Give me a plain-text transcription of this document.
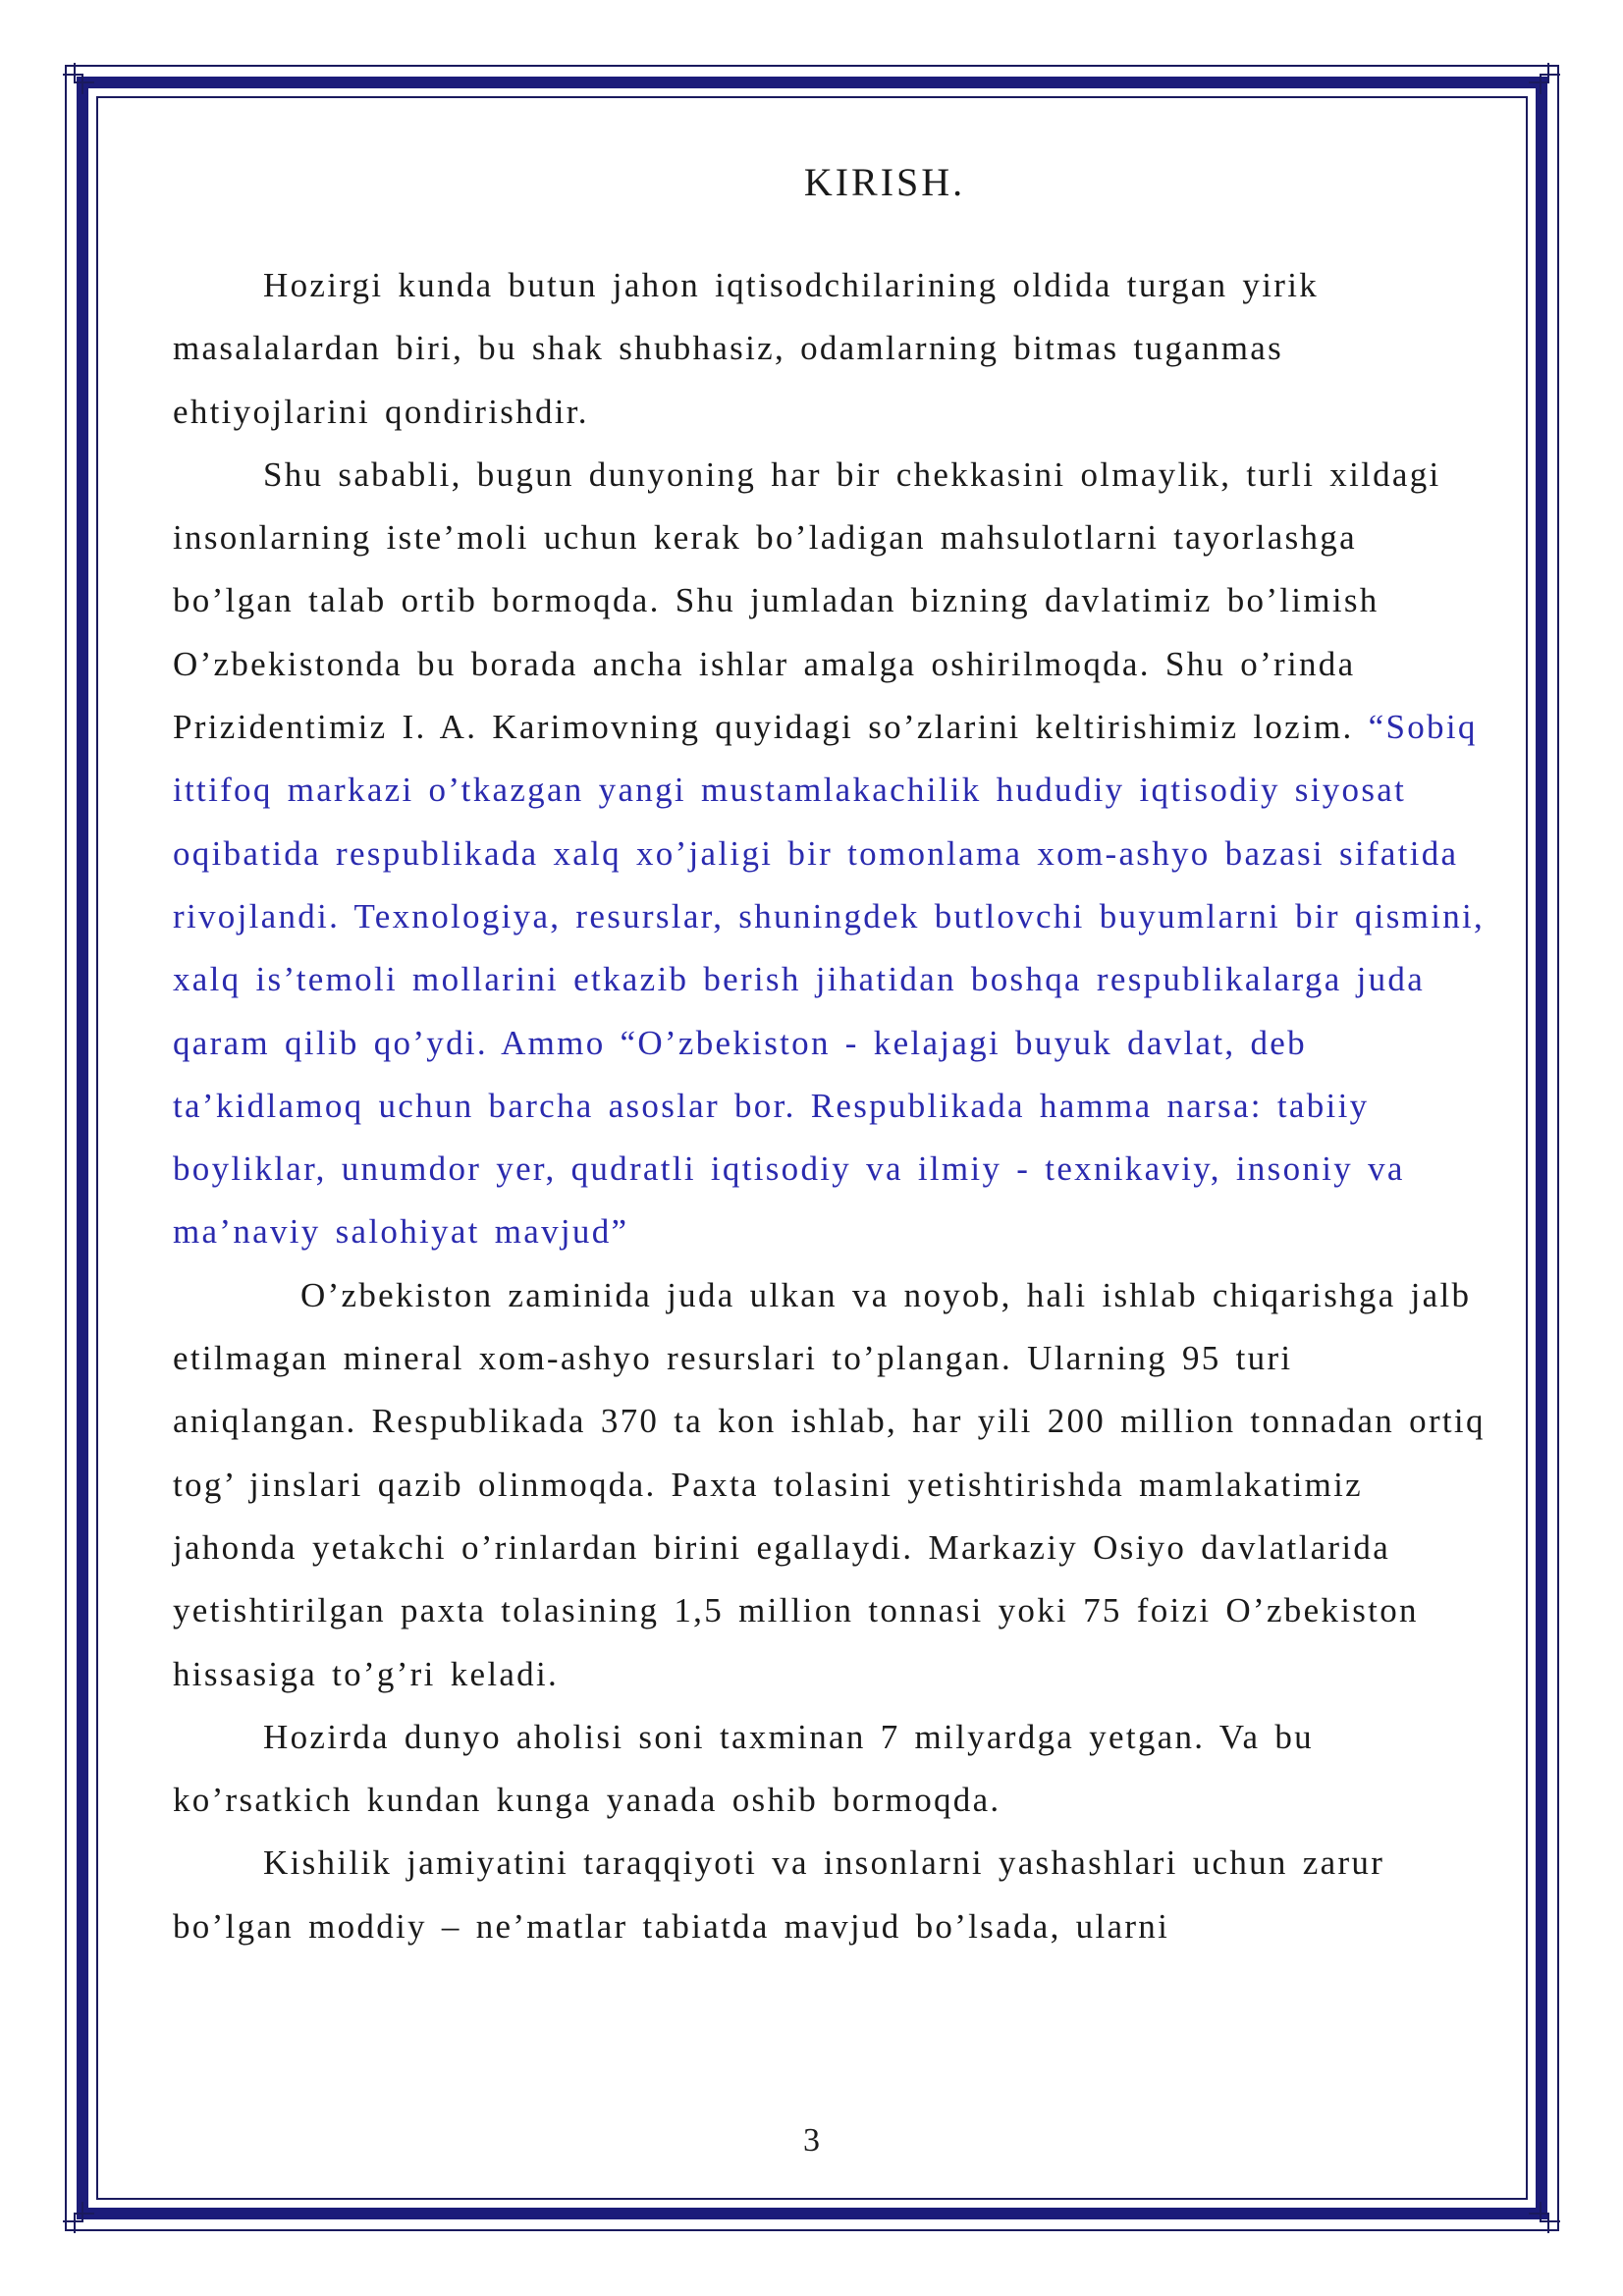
KIRISH.

Hozirgi kunda butun jahon iqtisodchilarining oldida turgan yirik masalalardan biri, bu shak shubhasiz, odamlarning bitmas tuganmas ehtiyojlarini qondirishdir.

Shu sababli, bugun dunyoning har bir chekkasini olmaylik, turli xildagi insonlarning iste’moli uchun kerak bo’ladigan mahsulotlarni tayorlashga bo’lgan talab ortib bormoqda. Shu jumladan bizning davlatimiz bo’limish O’zbekistonda bu borada ancha ishlar amalga oshirilmoqda. Shu o’rinda Prizidentimiz I. A. Karimovning quyidagi so’zlarini keltirishimiz lozim. “Sobiq ittifoq markazi o’tkazgan yangi mustamlakachilik hududiy iqtisodiy siyosat oqibatida respublikada xalq xo’jaligi bir tomonlama xom-ashyo bazasi sifatida rivojlandi. Texnologiya, resurslar, shuningdek butlovchi buyumlarni bir qismini, xalq is’temoli mollarini etkazib berish jihatidan boshqa respublikalarga juda qaram qilib qo’ydi. Ammo “O’zbekiston - kelajagi buyuk davlat, deb ta’kidlamoq uchun barcha asoslar bor. Respublikada hamma narsa: tabiiy boyliklar, unumdor yer, qudratli iqtisodiy va ilmiy - texnikaviy, insoniy va ma’naviy salohiyat mavjud”

O’zbekiston zaminida juda ulkan va noyob, hali ishlab chiqarishga jalb etilmagan mineral xom-ashyo resurslari to’plangan. Ularning 95 turi aniqlangan. Respublikada 370 ta kon ishlab, har yili 200 million tonnadan ortiq tog’ jinslari qazib olinmoqda. Paxta tolasini yetishtirishda mamlakatimiz jahonda yetakchi o’rinlardan birini egallaydi. Markaziy Osiyo davlatlarida yetishtirilgan paxta tolasining 1,5 million tonnasi yoki 75 foizi O’zbekiston hissasiga to’g’ri keladi.

Hozirda dunyo aholisi soni taxminan 7 milyardga yetgan. Va bu ko’rsatkich kundan kunga yanada oshib bormoqda.

Kishilik jamiyatini taraqqiyoti va insonlarni yashashlari uchun zarur bo’lgan moddiy – ne’matlar tabiatda mavjud bo’lsada, ularni

3
